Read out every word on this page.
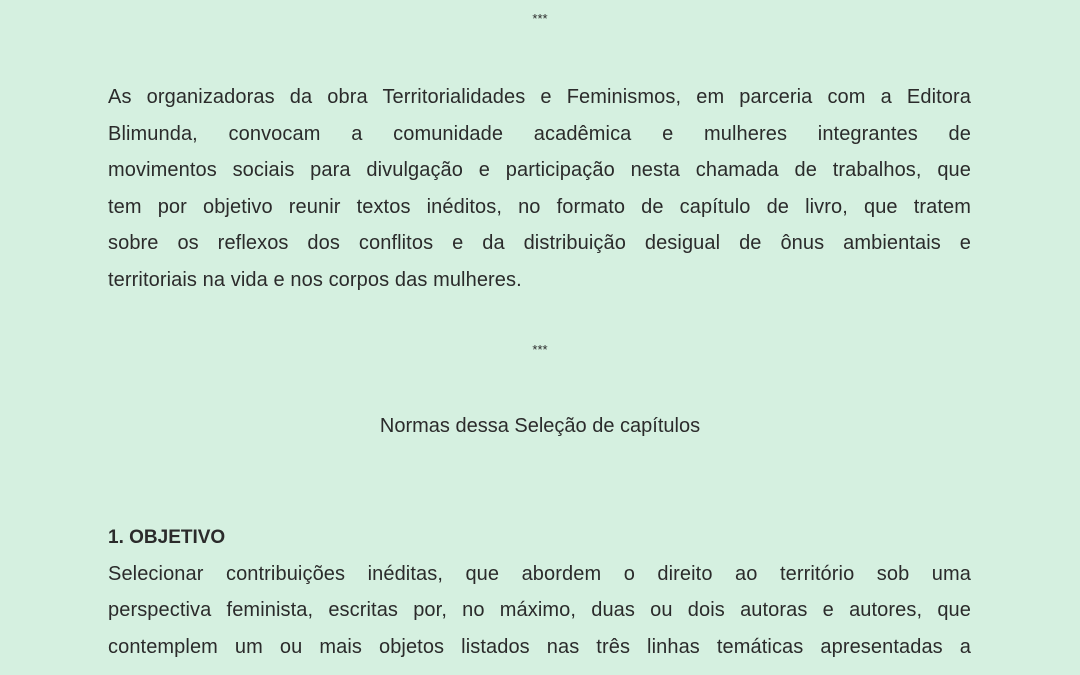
***
As organizadoras da obra Territorialidades e Feminismos, em parceria com a Editora
Blimunda, convocam a comunidade acadêmica e mulheres integrantes de
movimentos sociais para divulgação e participação nesta chamada de trabalhos, que
tem por objetivo reunir textos inéditos, no formato de capítulo de livro, que tratem
sobre os reflexos dos conflitos e da distribuição desigual de ônus ambientais e
territoriais na vida e nos corpos das mulheres.
***
Normas dessa Seleção de capítulos
1. OBJETIVO
Selecionar contribuições inéditas, que abordem o direito ao território sob uma
perspectiva feminista, escritas por, no máximo, duas ou dois autoras e autores, que
contemplem um ou mais objetos listados nas três linhas temáticas apresentadas a
